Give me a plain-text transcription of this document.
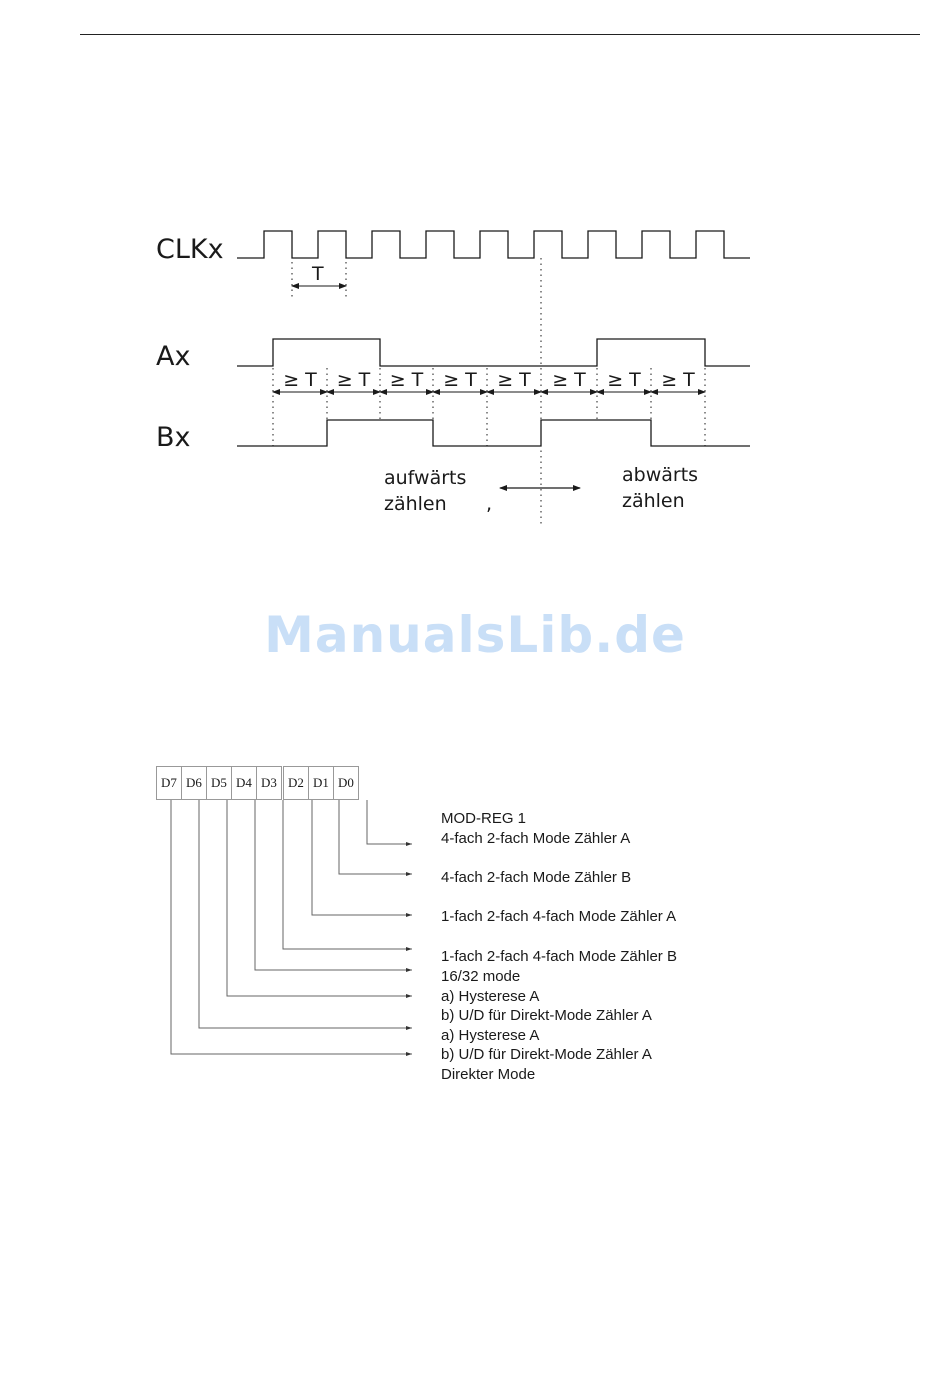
CLKx
Ax
Bx
T
≥ T ≥ T ≥ T ≥ T ≥ T ≥ T ≥ T ≥ T
aufwärts
zählen ,
abwärts
zählen
ManualsLib.de
D7	D6	D5	D4	D3		D2	D1	D0
MOD-REG 1
4-fach 2-fach Mode Zähler A
4-fach 2-fach Mode Zähler B
1-fach 2-fach 4-fach Mode Zähler A
1-fach 2-fach 4-fach Mode Zähler B
16/32 mode
a) Hysterese A
b) U/D für Direkt-Mode Zähler A
a) Hysterese A
b) U/D für Direkt-Mode Zähler A
Direkter Mode
